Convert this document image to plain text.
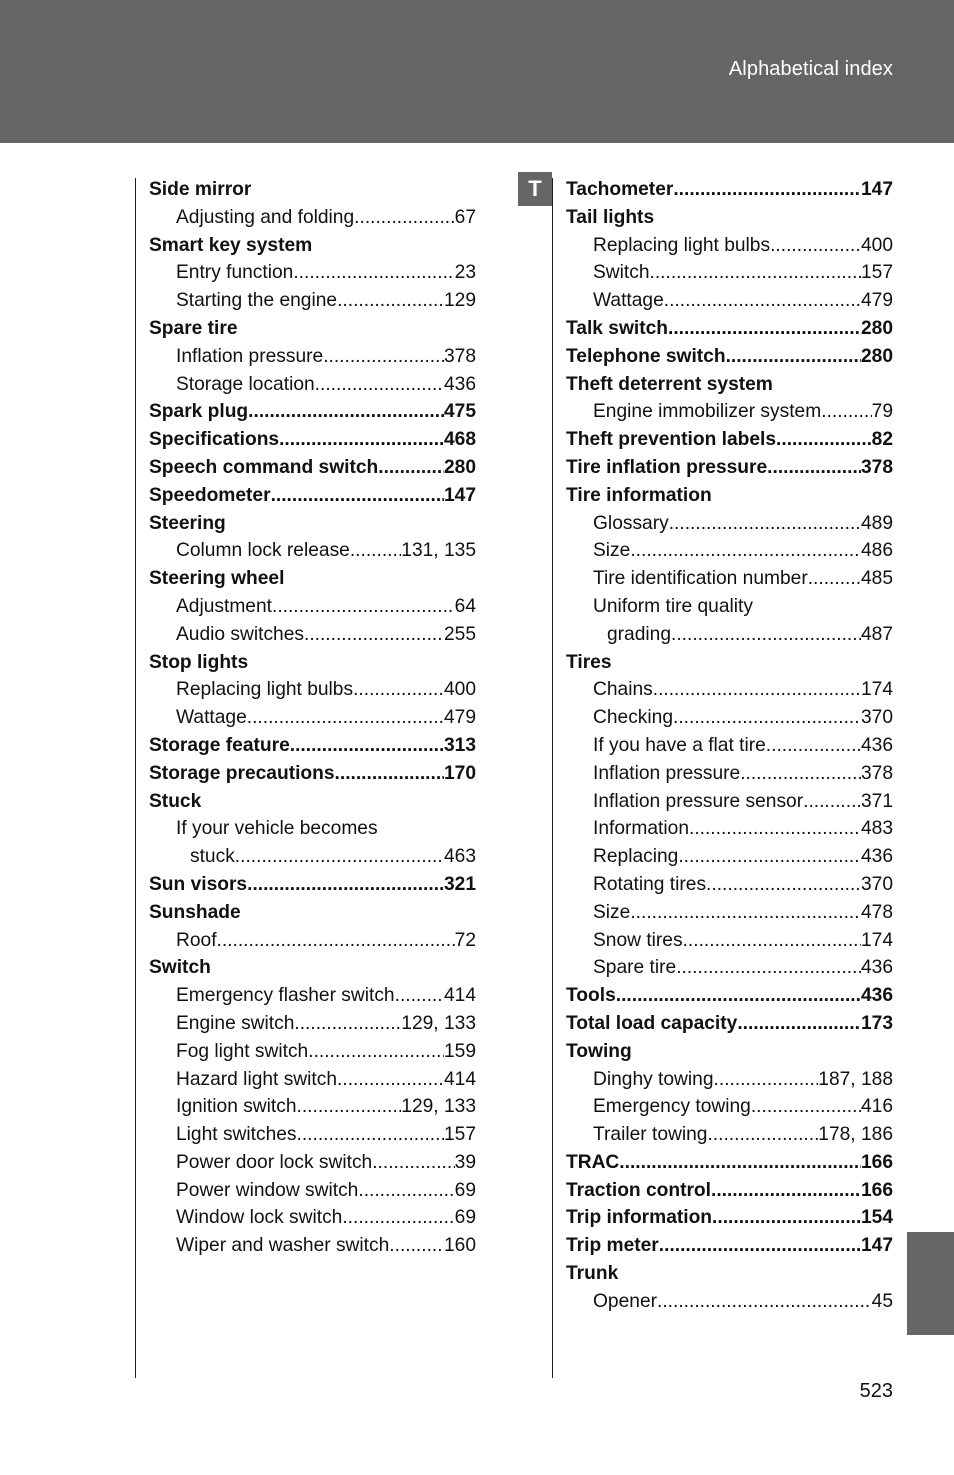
Alphabetical index
Side mirror
Adjusting and folding .....	67
Smart key system
Entry function .....	23
Starting the engine .....	129
Spare tire
Inflation pressure .....	378
Storage location .....	436
Spark plug .....	475
Specifications .....	468
Speech command switch .....	280
Speedometer .....	147
Steering
Column lock release .....	131, 135
Steering wheel
Adjustment .....	64
Audio switches .....	255
Stop lights
Replacing light bulbs .....	400
Wattage .....	479
Storage feature .....	313
Storage precautions .....	170
Stuck
If your vehicle becomes
stuck .....	463
Sun visors .....	321
Sunshade
Roof .....	72
Switch
Emergency flasher switch .....	414
Engine switch .....	129, 133
Fog light switch .....	159
Hazard light switch .....	414
Ignition switch .....	129, 133
Light switches .....	157
Power door lock switch .....	39
Power window switch .....	69
Window lock switch .....	69
Wiper and washer switch .....	160
T	Tachometer .....	147
Tail lights
Replacing light bulbs .....	400
Switch .....	157
Wattage .....	479
Talk switch .....	280
Telephone switch .....	280
Theft deterrent system
Engine immobilizer system .....	79
Theft prevention labels .....	82
Tire inflation pressure .....	378
Tire information
Glossary .....	489
Size .....	486
Tire identification number .....	485
Uniform tire quality
grading .....	487
Tires
Chains .....	174
Checking .....	370
If you have a flat tire .....	436
Inflation pressure .....	378
Inflation pressure sensor .....	371
Information .....	483
Replacing .....	436
Rotating tires .....	370
Size .....	478
Snow tires .....	174
Spare tire .....	436
Tools .....	436
Total load capacity .....	173
Towing
Dinghy towing .....	187, 188
Emergency towing .....	416
Trailer towing .....	178, 186
TRAC .....	166
Traction control .....	166
Trip information .....	154
Trip meter .....	147
Trunk
Opener .....	45
523
